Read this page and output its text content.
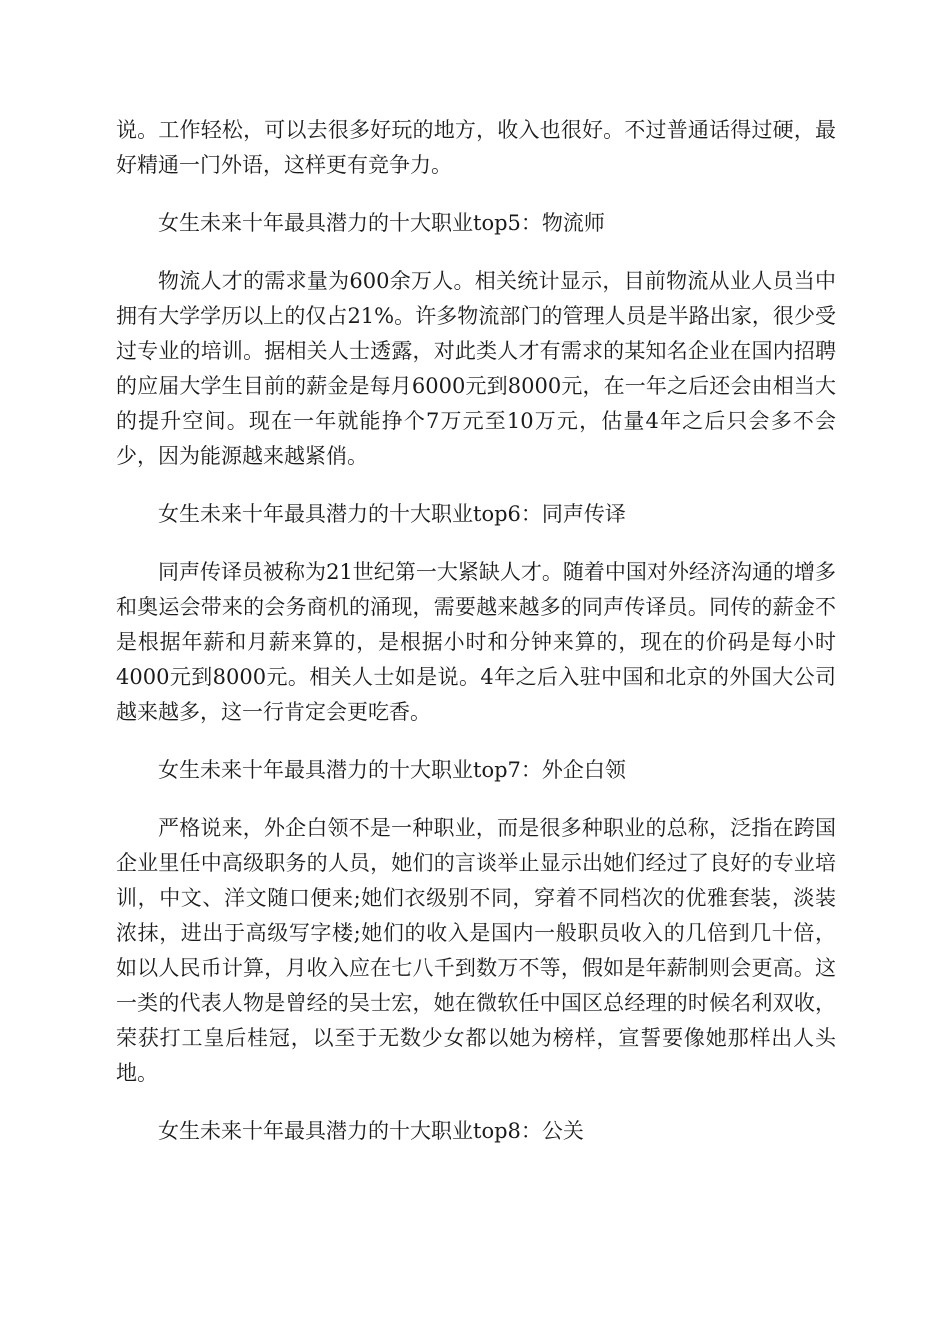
说。工作轻松，可以去很多好玩的地方，收入也很好。不过普通话得过硬，最好精通一门外语，这样更有竞争力。

女生未来十年最具潜力的十大职业top5：物流师

物流人才的需求量为600余万人。相关统计显示，目前物流从业人员当中拥有大学学历以上的仅占21%。许多物流部门的管理人员是半路出家，很少受过专业的培训。据相关人士透露，对此类人才有需求的某知名企业在国内招聘的应届大学生目前的薪金是每月6000元到8000元，在一年之后还会由相当大的提升空间。现在一年就能挣个7万元至10万元，估量4年之后只会多不会少，因为能源越来越紧俏。

女生未来十年最具潜力的十大职业top6：同声传译

同声传译员被称为21世纪第一大紧缺人才。随着中国对外经济沟通的增多和奥运会带来的会务商机的涌现，需要越来越多的同声传译员。同传的薪金不是根据年薪和月薪来算的，是根据小时和分钟来算的，现在的价码是每小时4000元到8000元。相关人士如是说。4年之后入驻中国和北京的外国大公司越来越多，这一行肯定会更吃香。

女生未来十年最具潜力的十大职业top7：外企白领

严格说来，外企白领不是一种职业，而是很多种职业的总称，泛指在跨国企业里任中高级职务的人员，她们的言谈举止显示出她们经过了良好的专业培训，中文、洋文随口便来;她们衣级别不同，穿着不同档次的优雅套装，淡装浓抹，进出于高级写字楼;她们的收入是国内一般职员收入的几倍到几十倍，如以人民币计算，月收入应在七八千到数万不等，假如是年薪制则会更高。这一类的代表人物是曾经的吴士宏，她在微软任中国区总经理的时候名利双收，荣获打工皇后桂冠，以至于无数少女都以她为榜样，宣誓要像她那样出人头地。

女生未来十年最具潜力的十大职业top8：公关
